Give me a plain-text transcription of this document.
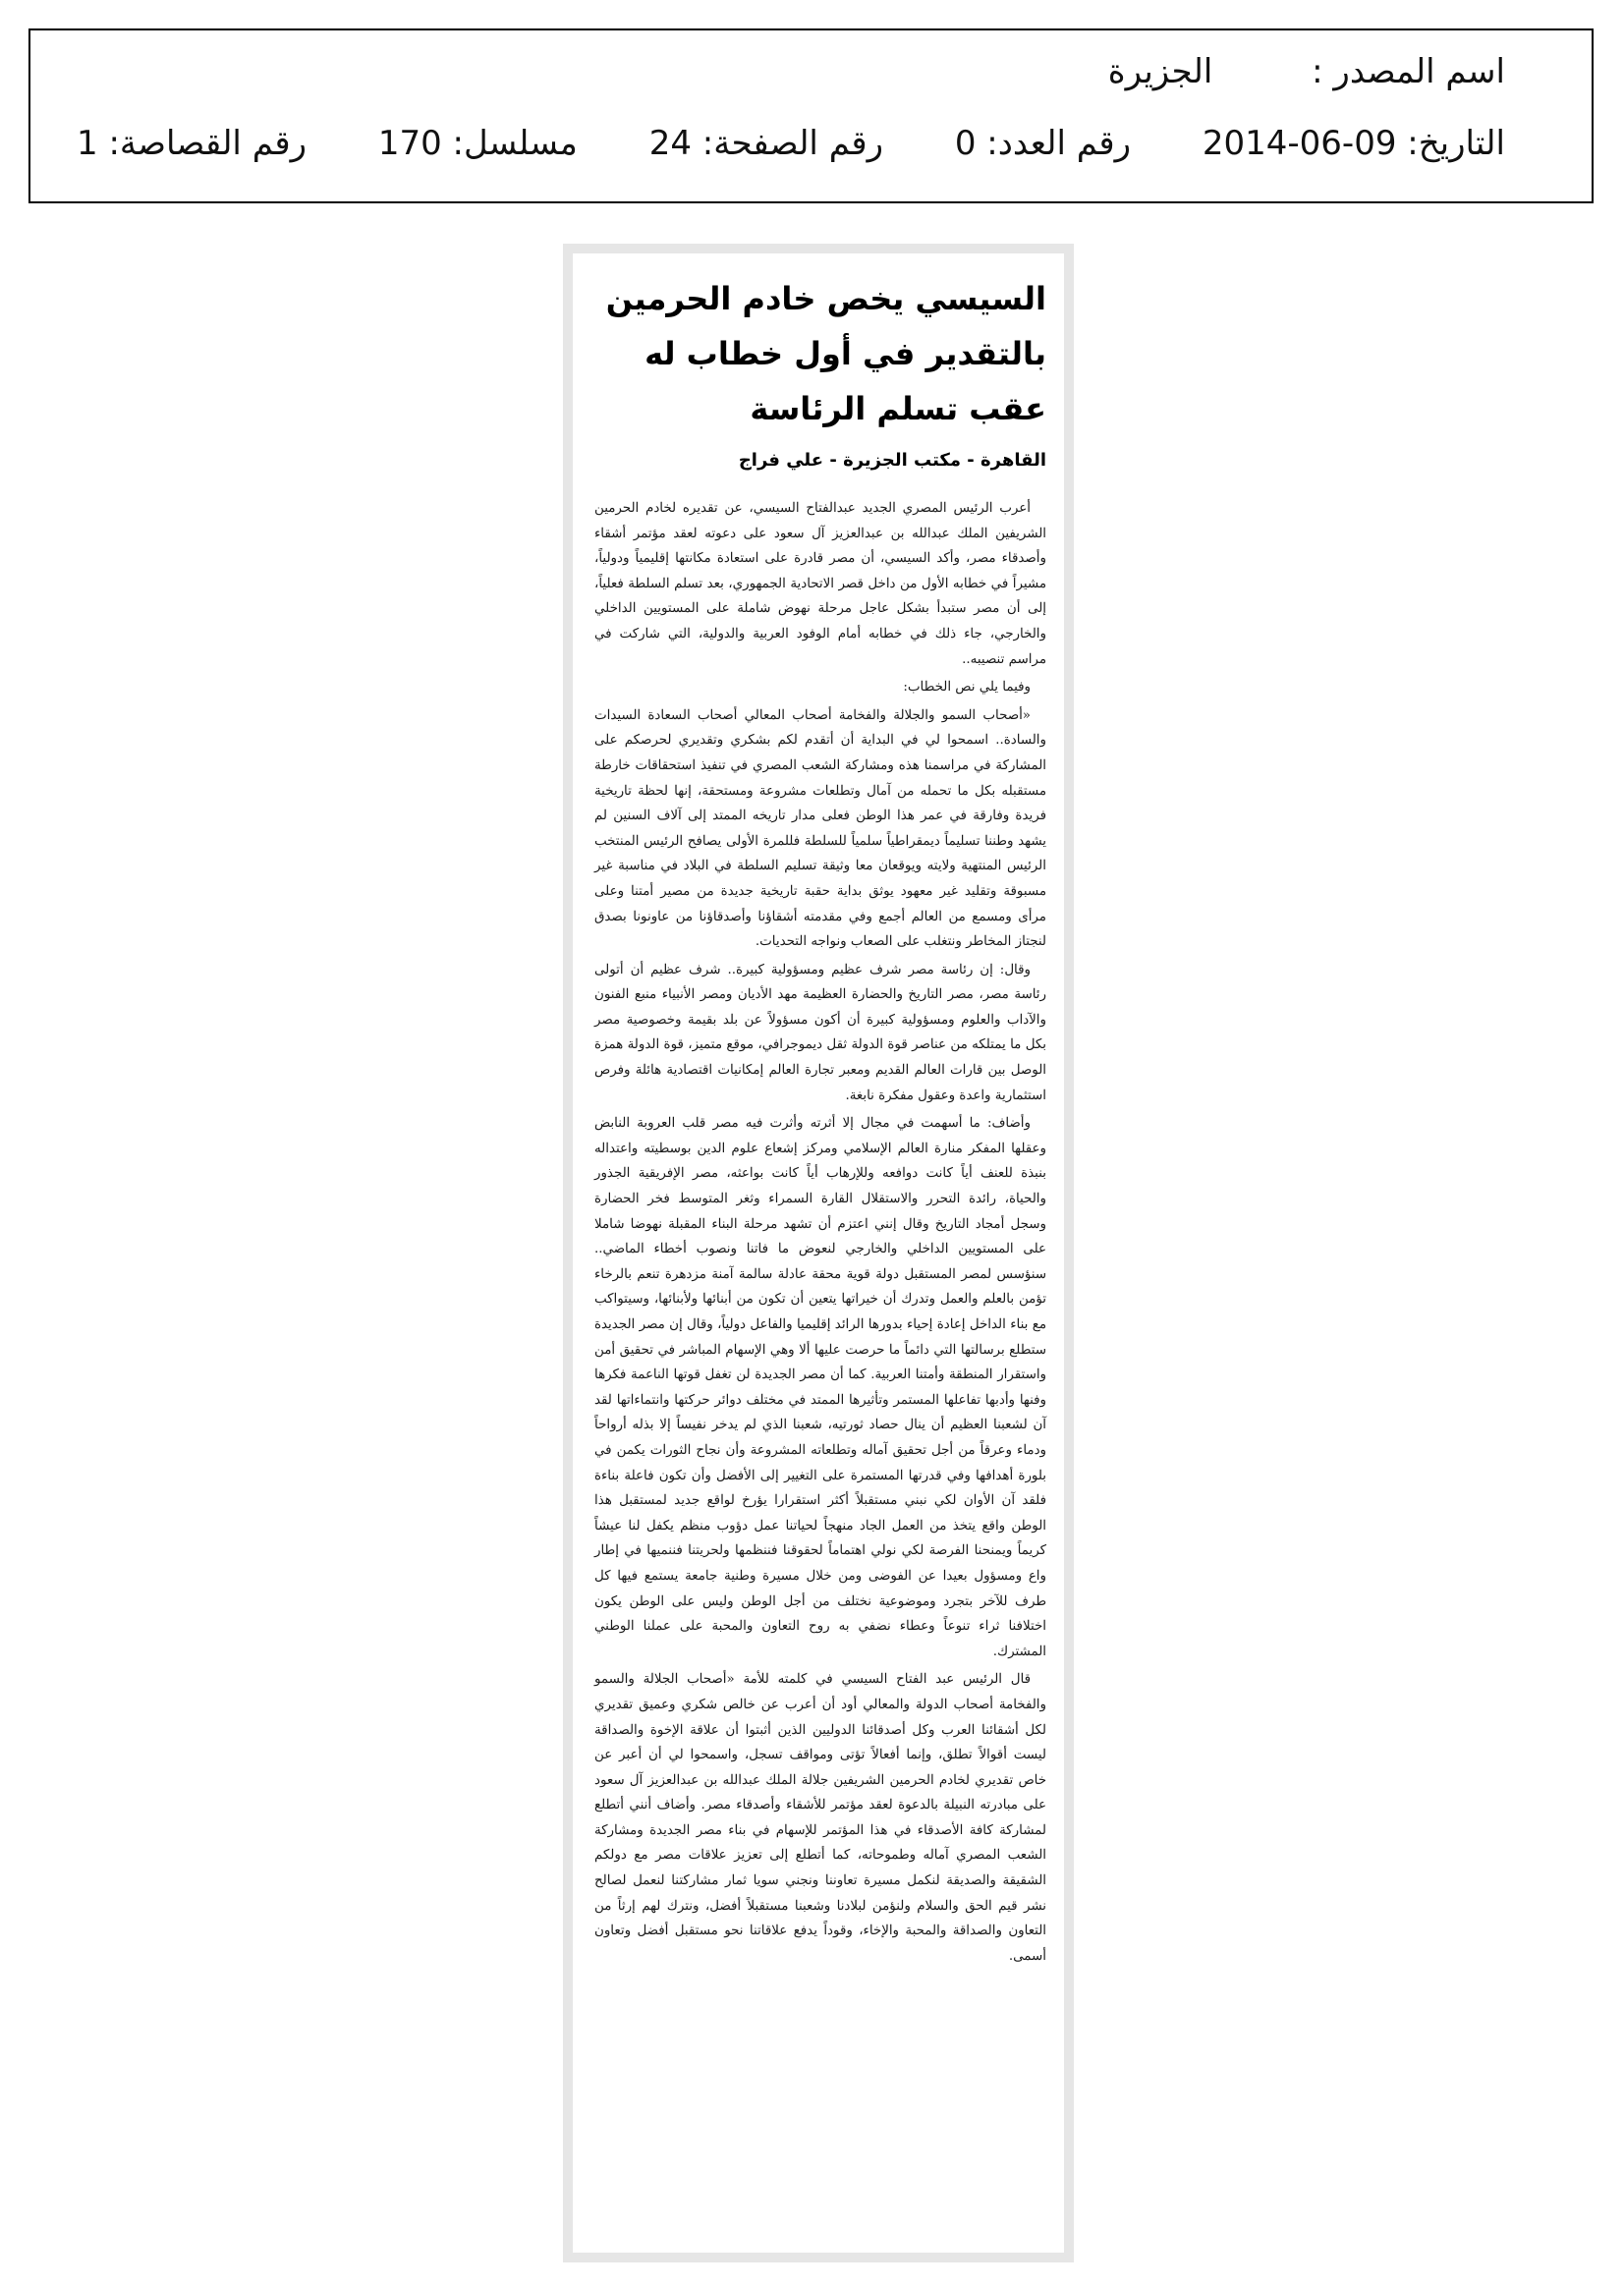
اسم المصدر : الجزيرة
التاريخ: 09-06-2014 رقم العدد: 0 رقم الصفحة: 24 مسلسل: 170 رقم القصاصة: 1
السيسي يخص خادم الحرمين بالتقدير في أول خطاب له عقب تسلم الرئاسة
القاهرة - مكتب الجزيرة - علي فراج

أعرب الرئيس المصري الجديد عبدالفتاح السيسي، عن تقديره لخادم الحرمين الشريفين الملك عبدالله بن عبدالعزيز آل سعود على دعوته لعقد مؤتمر أشقاء وأصدقاء مصر، وأكد السيسي، أن مصر قادرة على استعادة مكانتها إقليمياً ودولياً، مشيراً في خطابه الأول من داخل قصر الاتحادية الجمهوري، بعد تسلم السلطة فعلياً، إلى أن مصر ستبدأ بشكل عاجل مرحلة نهوض شاملة على المستويين الداخلي والخارجي، جاء ذلك في خطابه أمام الوفود العربية والدولية، التي شاركت في مراسم تنصيبه..

وفيما يلي نص الخطاب:

«أصحاب السمو والجلالة والفخامة أصحاب المعالي أصحاب السعادة السيدات والسادة.. اسمحوا لي في البداية أن أتقدم لكم بشكري وتقديري لحرصكم على المشاركة في مراسمنا هذه ومشاركة الشعب المصري في تنفيذ استحقاقات خارطة مستقبله بكل ما تحمله من آمال وتطلعات مشروعة ومستحقة، إنها لحظة تاريخية فريدة وفارقة في عمر هذا الوطن فعلى مدار تاريخه الممتد إلى آلاف السنين لم يشهد وطننا تسليماً ديمقراطياً سلمياً للسلطة فللمرة الأولى يصافح الرئيس المنتخب الرئيس المنتهية ولايته ويوقعان معا وثيقة تسليم السلطة في البلاد في مناسبة غير مسبوقة وتقليد غير معهود يوثق بداية حقبة تاريخية جديدة من مصير أمتنا وعلى مرأى ومسمع من العالم أجمع وفي مقدمته أشقاؤنا وأصدقاؤنا من عاونونا بصدق لنجتاز المخاطر ونتغلب على الصعاب ونواجه التحديات.

وقال: إن رئاسة مصر شرف عظيم ومسؤولية كبيرة.. شرف عظيم أن أتولى رئاسة مصر، مصر التاريخ والحضارة العظيمة مهد الأديان ومصر الأنبياء منبع الفنون والآداب والعلوم ومسؤولية كبيرة أن أكون مسؤولاً عن بلد بقيمة وخصوصية مصر بكل ما يمتلكه من عناصر قوة الدولة ثقل ديموجرافي، موقع متميز، قوة الدولة همزة الوصل بين قارات العالم القديم ومعبر تجارة العالم إمكانيات اقتصادية هائلة وفرص استثمارية واعدة وعقول مفكرة نابغة.

وأضاف: ما أسهمت في مجال إلا أثرته وأثرت فيه مصر قلب العروبة النابض وعقلها المفكر منارة العالم الإسلامي ومركز إشعاع علوم الدين بوسطيته واعتداله بنبذة للعنف أياً كانت دوافعه وللإرهاب أياً كانت بواعثه، مصر الإفريقية الجذور والحياة، رائدة التحرر والاستقلال القارة السمراء وثغر المتوسط فخر الحضارة وسجل أمجاد التاريخ وقال إنني اعتزم أن تشهد مرحلة البناء المقبلة نهوضا شاملا على المستويين الداخلي والخارجي لنعوض ما فاتنا ونصوب أخطاء الماضي.. سنؤسس لمصر المستقبل دولة قوية محقة عادلة سالمة آمنة مزدهرة تنعم بالرخاء تؤمن بالعلم والعمل وتدرك أن خيراتها يتعين أن تكون من أبنائها ولأبنائها، وسيتواكب مع بناء الداخل إعادة إحياء بدورها الرائد إقليميا والفاعل دولياً، وقال إن مصر الجديدة ستطلع برسالتها التي دائماً ما حرصت عليها ألا وهي الإسهام المباشر في تحقيق أمن واستقرار المنطقة وأمتنا العربية. كما أن مصر الجديدة لن تغفل قوتها الناعمة فكرها وفنها وأدبها تفاعلها المستمر وتأثيرها الممتد في مختلف دوائر حركتها وانتماءاتها لقد آن لشعبنا العظيم أن ينال حصاد ثورتيه، شعبنا الذي لم يدخر نفيساً إلا بذله أرواحاً ودماء وعرقاً من أجل تحقيق آماله وتطلعاته المشروعة وأن نجاح الثورات يكمن في بلورة أهدافها وفي قدرتها المستمرة على التغيير إلى الأفضل وأن تكون فاعلة بناءة فلقد آن الأوان لكي نبني مستقبلاً أكثر استقرارا يؤرخ لواقع جديد لمستقبل هذا الوطن واقع يتخذ من العمل الجاد منهجاً لحياتنا عمل دؤوب منظم يكفل لنا عيشاً كريماً ويمنحنا الفرصة لكي نولي اهتماماً لحقوقنا فننظمها ولحريتنا فننميها في إطار واع ومسؤول بعيدا عن الفوضى ومن خلال مسيرة وطنية جامعة يستمع فيها كل طرف للآخر بتجرد وموضوعية نختلف من أجل الوطن وليس على الوطن يكون اختلافنا ثراء تنوعاً وعطاء نضفي به روح التعاون والمحبة على عملنا الوطني المشترك.

قال الرئيس عبد الفتاح السيسي في كلمته للأمة «أصحاب الجلالة والسمو والفخامة أصحاب الدولة والمعالي أود أن أعرب عن خالص شكري وعميق تقديري لكل أشقائنا العرب وكل أصدقائنا الدوليين الذين أثبتوا أن علاقة الإخوة والصداقة ليست أقوالاً تطلق، وإنما أفعالاً تؤتى ومواقف تسجل، واسمحوا لي أن أعبر عن خاص تقديري لخادم الحرمين الشريفين جلالة الملك عبدالله بن عبدالعزيز آل سعود على مبادرته النبيلة بالدعوة لعقد مؤتمر للأشقاء وأصدقاء مصر. وأضاف أنني أتطلع لمشاركة كافة الأصدقاء في هذا المؤتمر للإسهام في بناء مصر الجديدة ومشاركة الشعب المصري آماله وطموحاته، كما أتطلع إلى تعزيز علاقات مصر مع دولكم الشقيقة والصديقة لنكمل مسيرة تعاوننا ونجني سويا ثمار مشاركتنا لنعمل لصالح نشر قيم الحق والسلام ولنؤمن لبلادنا وشعبنا مستقبلاً أفضل، ونترك لهم إرثاً من التعاون والصداقة والمحبة والإخاء، وقوداً يدفع علاقاتنا نحو مستقبل أفضل وتعاون أسمى.
